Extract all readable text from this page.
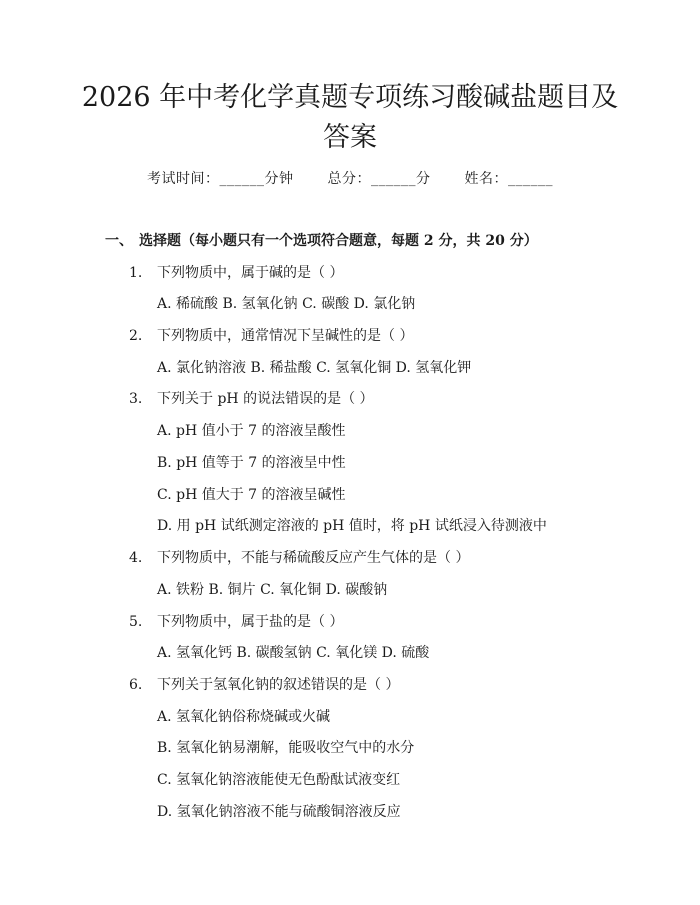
2026 年中考化学真题专项练习酸碱盐题目及
答案
考试时间：______分钟 总分：______分 姓名：______
一、 选择题（每小题只有一个选项符合题意，每题 2 分，共 20 分）
1. 下列物质中，属于碱的是（ ）
A. 稀硫酸 B. 氢氧化钠 C. 碳酸 D. 氯化钠
2. 下列物质中，通常情况下呈碱性的是（ ）
A. 氯化钠溶液 B. 稀盐酸 C. 氢氧化铜 D. 氢氧化钾
3. 下列关于 pH 的说法错误的是（ ）
A. pH 值小于 7 的溶液呈酸性
B. pH 值等于 7 的溶液呈中性
C. pH 值大于 7 的溶液呈碱性
D. 用 pH 试纸测定溶液的 pH 值时，将 pH 试纸浸入待测液中
4. 下列物质中，不能与稀硫酸反应产生气体的是（ ）
A. 铁粉 B. 铜片 C. 氧化铜 D. 碳酸钠
5. 下列物质中，属于盐的是（ ）
A. 氢氧化钙 B. 碳酸氢钠 C. 氧化镁 D. 硫酸
6. 下列关于氢氧化钠的叙述错误的是（ ）
A. 氢氧化钠俗称烧碱或火碱
B. 氢氧化钠易潮解，能吸收空气中的水分
C. 氢氧化钠溶液能使无色酚酞试液变红
D. 氢氧化钠溶液不能与硫酸铜溶液反应
